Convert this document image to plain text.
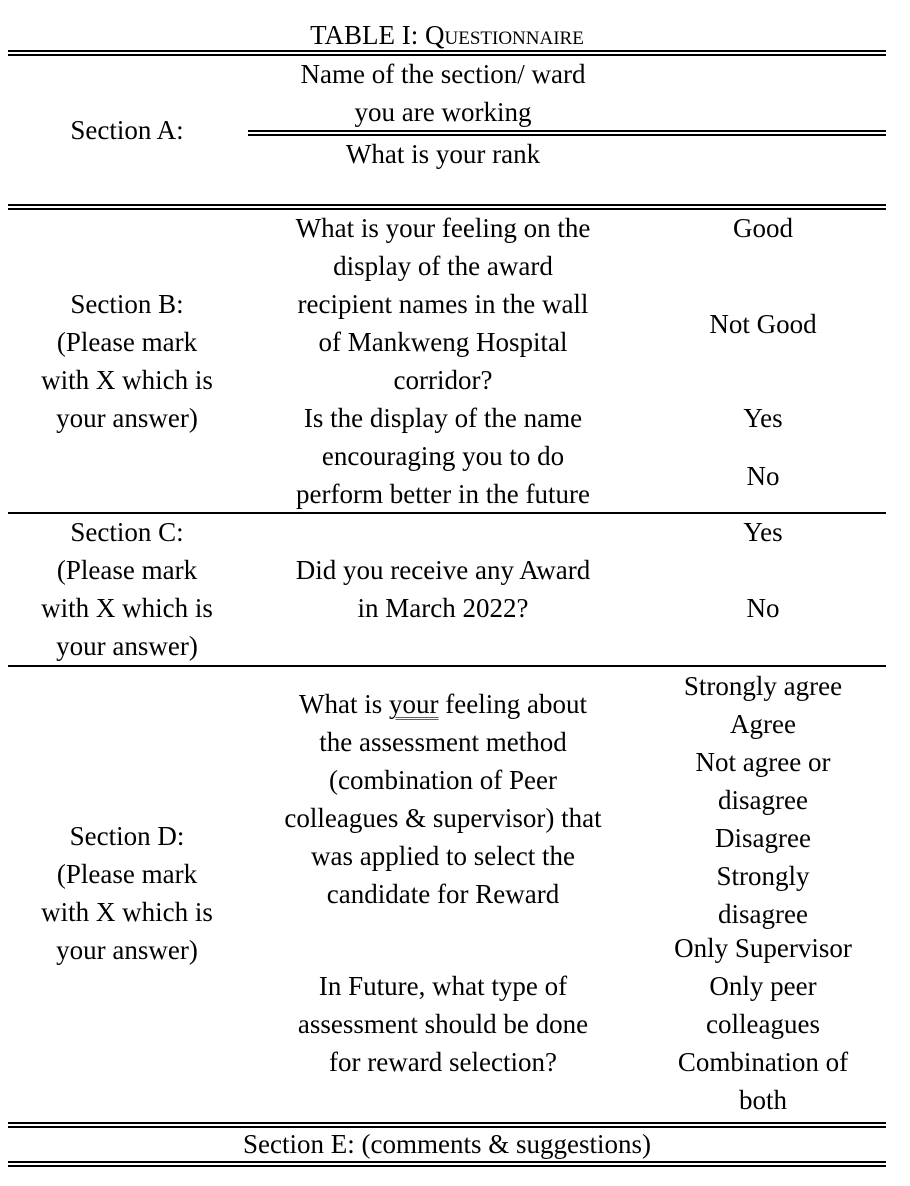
TABLE I: Questionnaire
Section A:
Name of the section/ ward
you are working
What is your rank
Section B:
(Please mark
with X which is
your answer)
What is your feeling on the
display of the award
recipient names in the wall
of Mankweng Hospital
corridor?
Good
Not Good
Is the display of the name
encouraging you to do
perform better in the future
Yes
No
Section C:
(Please mark
with X which is
your answer)
Did you receive any Award
in March 2022?
Yes
No
Section D:
(Please mark
with X which is
your answer)
What is your feeling about
the assessment method
(combination of Peer
colleagues & supervisor) that
was applied to select the
candidate for Reward
Strongly agree
Agree
Not agree or
disagree
Disagree
Strongly
disagree
In Future, what type of
assessment should be done
for reward selection?
Only Supervisor
Only peer
colleagues
Combination of
both
Section E: (comments & suggestions)
